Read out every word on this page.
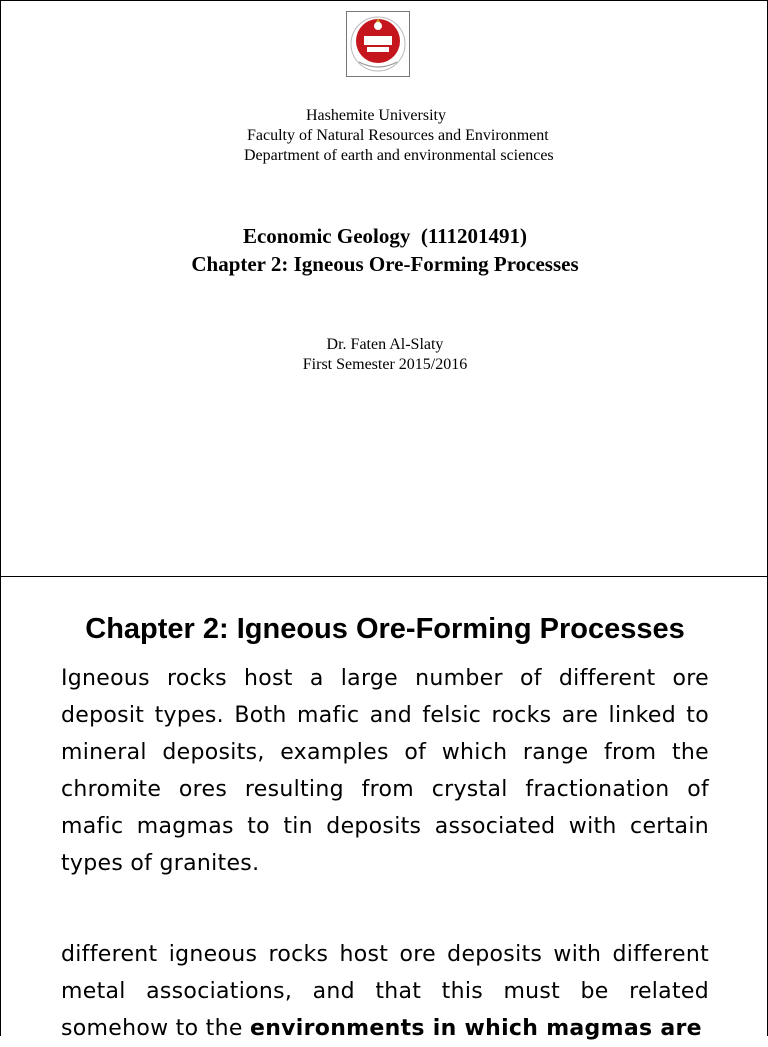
Hashemite University
Faculty of Natural Resources and Environment
Department of earth and environmental sciences
Economic Geology  (111201491)
Chapter 2: Igneous Ore-Forming Processes
Dr. Faten Al-Slaty
First Semester 2015/2016
Chapter 2: Igneous Ore-Forming Processes

Igneous rocks host a large number of different ore deposit types. Both mafic and felsic rocks are linked to mineral deposits, examples of which range from the chromite ores resulting from crystal fractionation of mafic magmas to tin deposits associated with certain types of granites.

different igneous rocks host ore deposits with different metal associations, and that this must be related somehow to the environments in which magmas are
